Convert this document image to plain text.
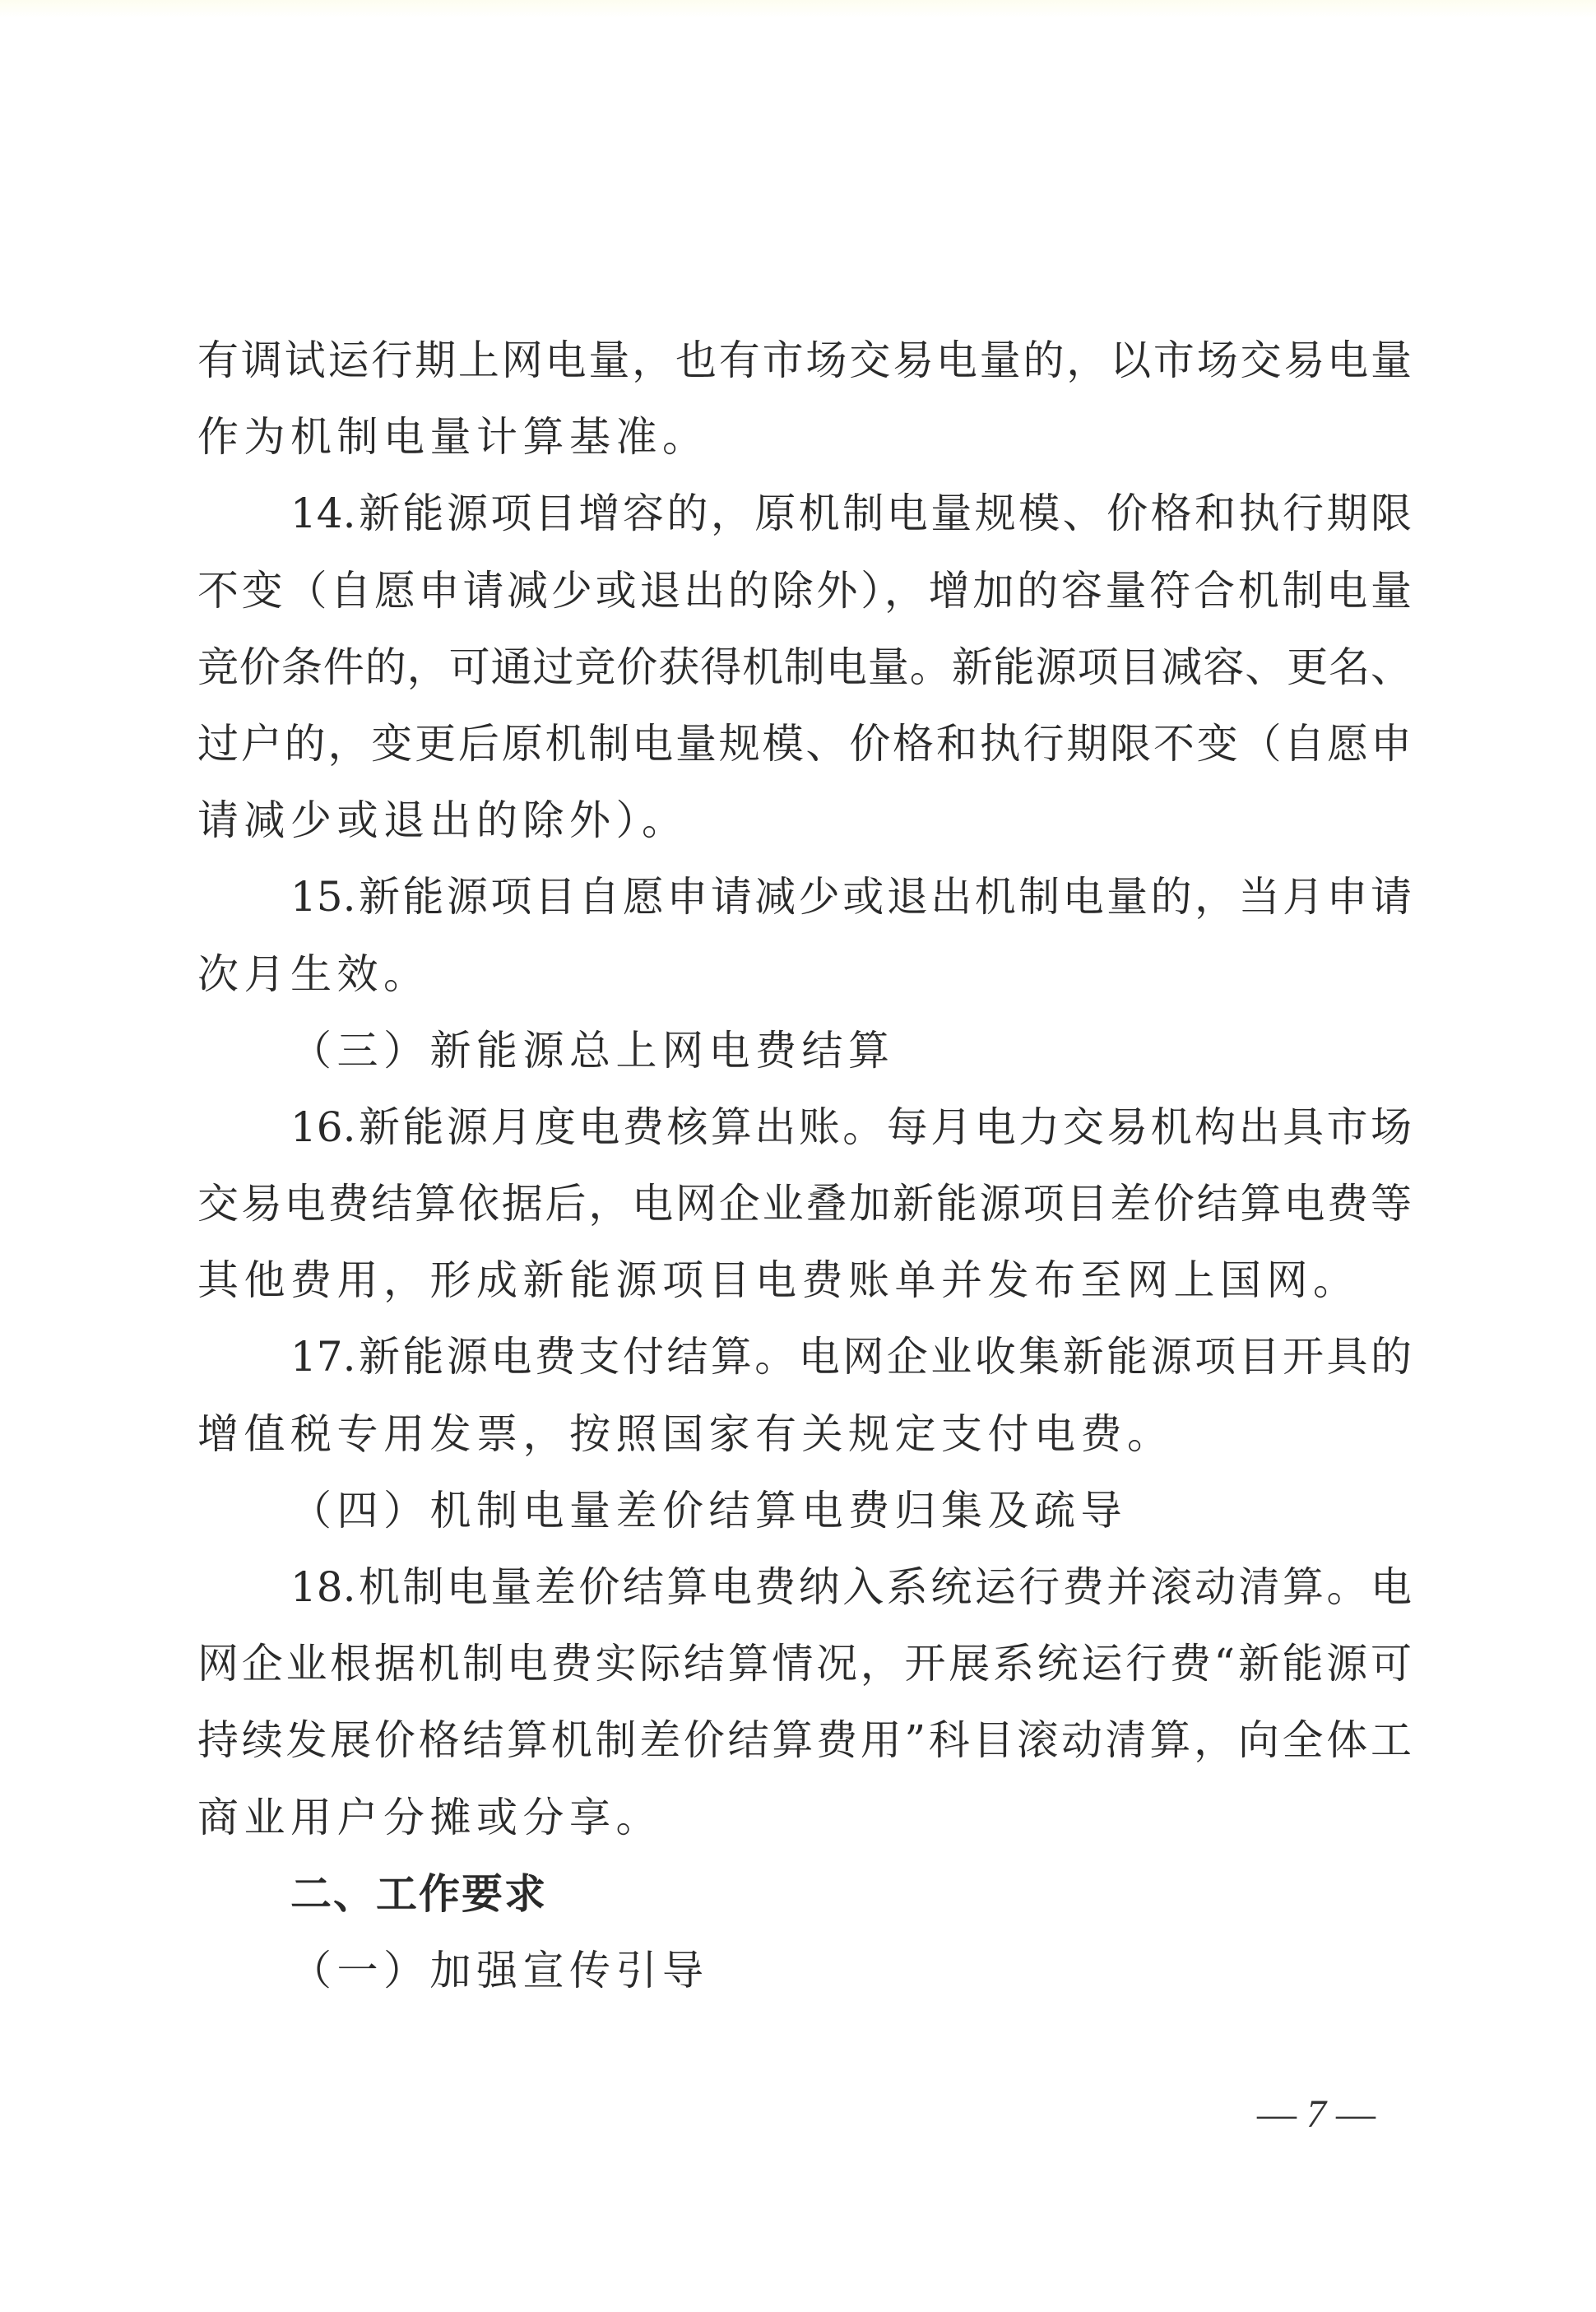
有调试运行期上网电量，也有市场交易电量的，以市场交易电量
作为机制电量计算基准。
14.新能源项目增容的，原机制电量规模、价格和执行期限
不变（自愿申请减少或退出的除外），增加的容量符合机制电量
竞价条件的，可通过竞价获得机制电量。新能源项目减容、更名、
过户的，变更后原机制电量规模、价格和执行期限不变（自愿申
请减少或退出的除外）。
15.新能源项目自愿申请减少或退出机制电量的，当月申请
次月生效。
（三）新能源总上网电费结算
16.新能源月度电费核算出账。每月电力交易机构出具市场
交易电费结算依据后，电网企业叠加新能源项目差价结算电费等
其他费用，形成新能源项目电费账单并发布至网上国网。
17.新能源电费支付结算。电网企业收集新能源项目开具的
增值税专用发票，按照国家有关规定支付电费。
（四）机制电量差价结算电费归集及疏导
18.机制电量差价结算电费纳入系统运行费并滚动清算。电
网企业根据机制电费实际结算情况，开展系统运行费“新能源可
持续发展价格结算机制差价结算费用”科目滚动清算，向全体工
商业用户分摊或分享。
二、工作要求
（一）加强宣传引导
— 7 —
